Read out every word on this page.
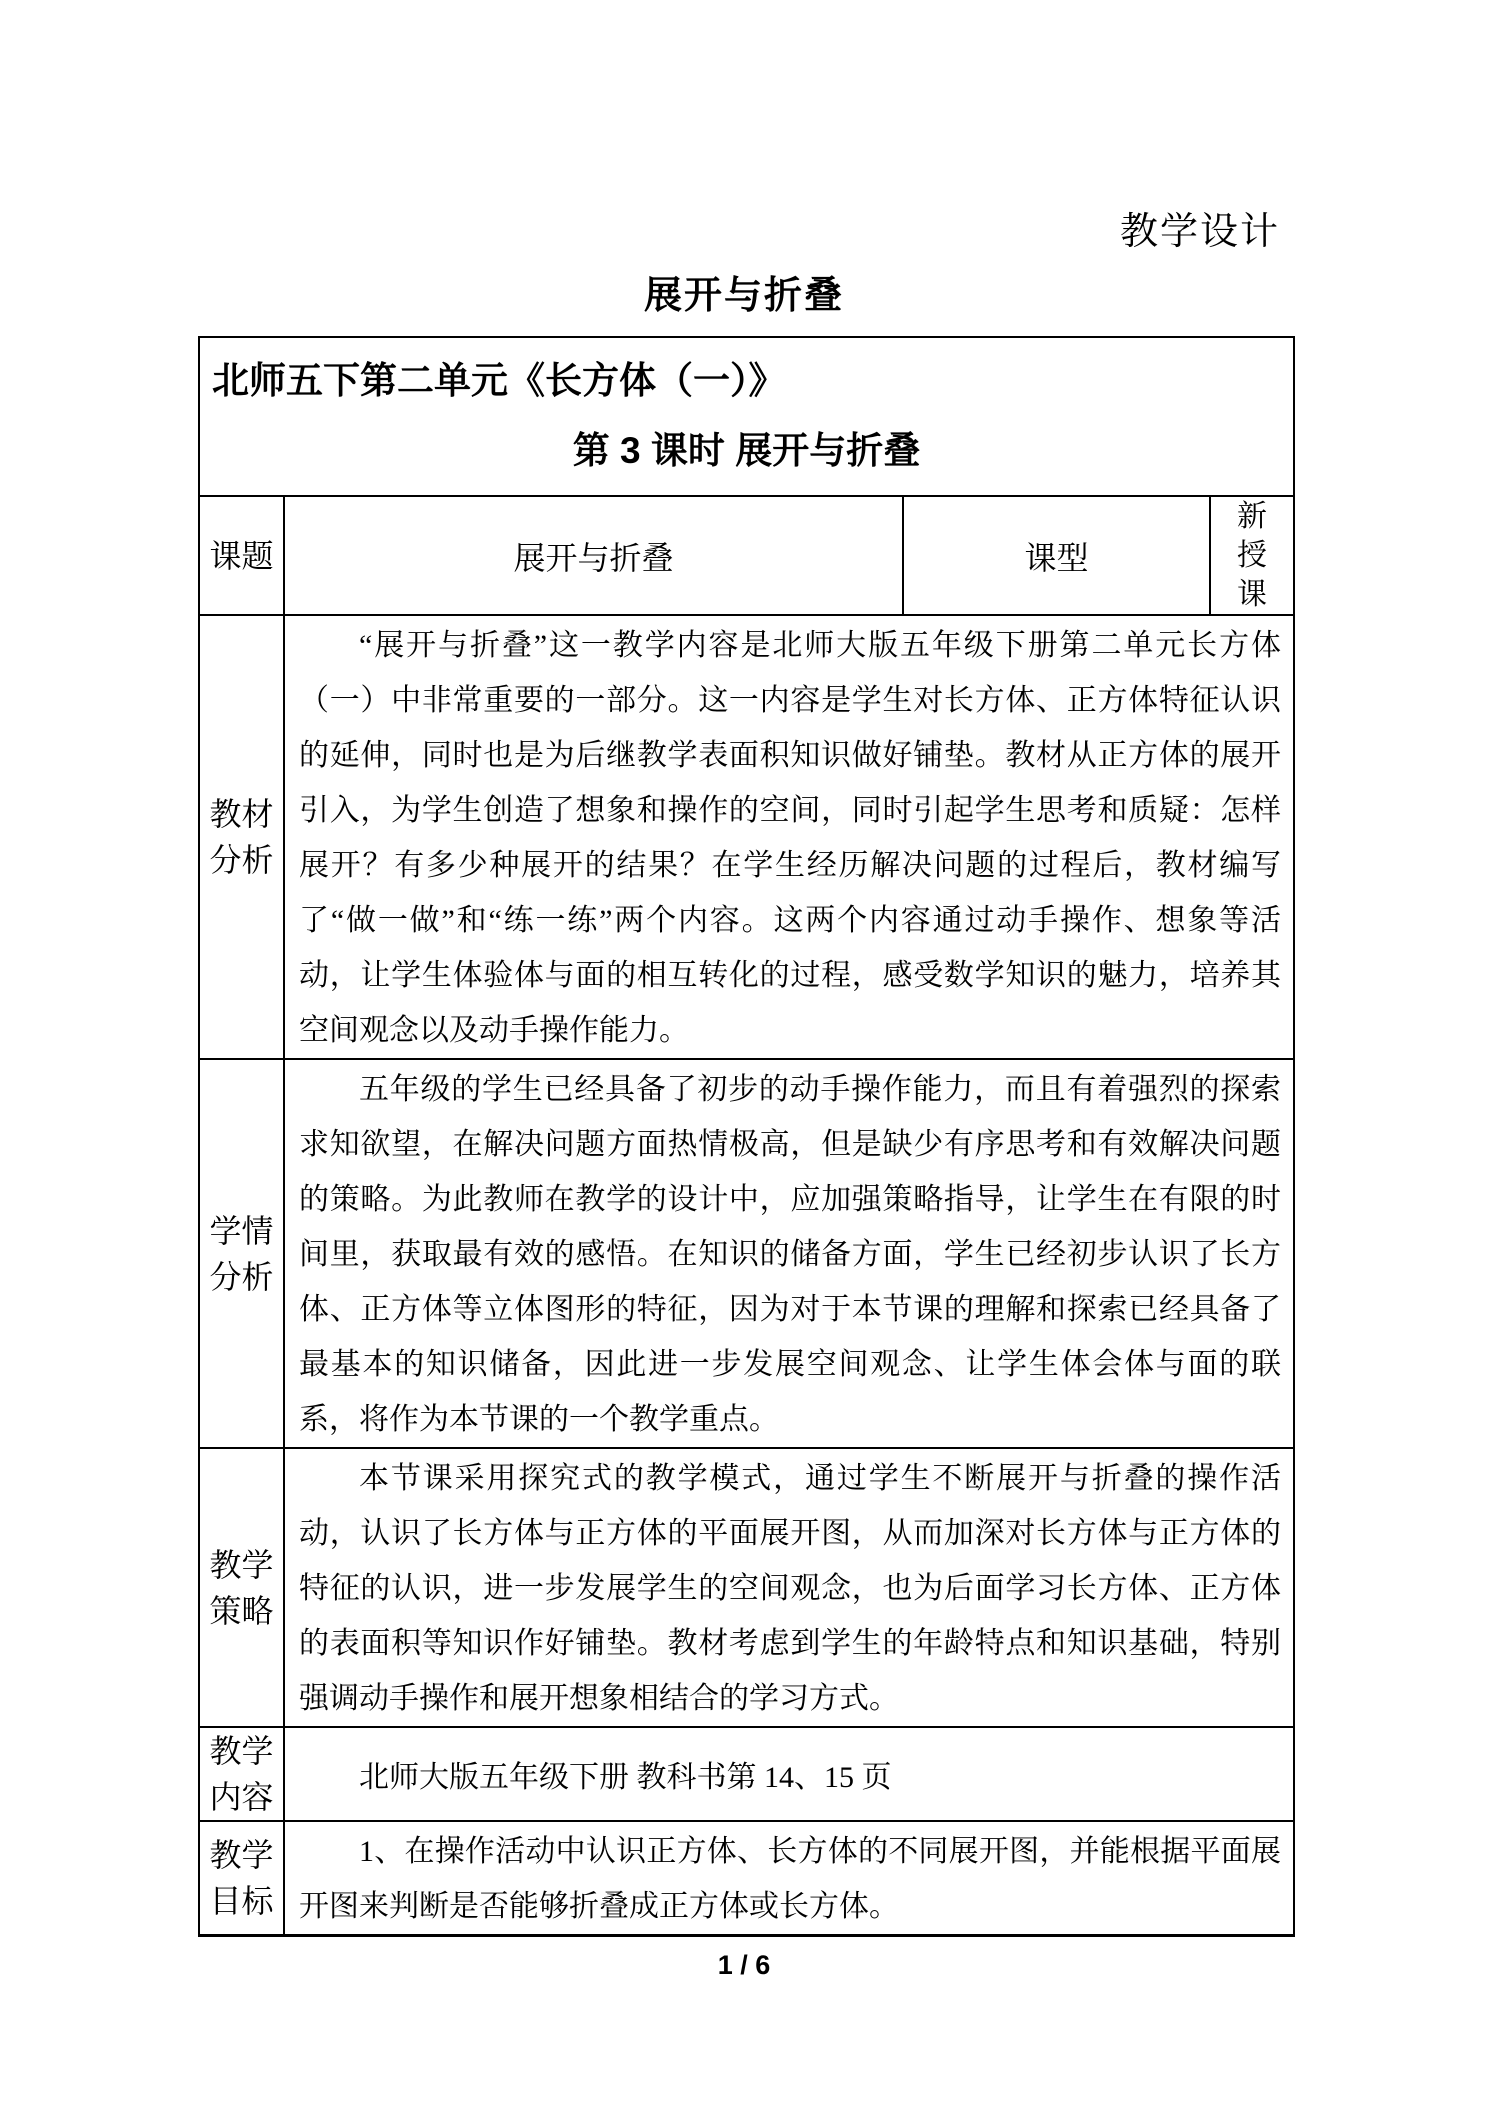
教学设计
展开与折叠
北师五下第二单元《长方体（一）》
第 3 课时 展开与折叠			

课题	展开与折叠	课型	新授课
教材分析	“展开与折叠”这一教学内容是北师大版五年级下册第二单元长方体（一）中非常重要的一部分。这一内容是学生对长方体、正方体特征认识的延伸，同时也是为后继教学表面积知识做好铺垫。教材从正方体的展开引入，为学生创造了想象和操作的空间，同时引起学生思考和质疑：怎样展开？有多少种展开的结果？在学生经历解决问题的过程后，教材编写了“做一做”和“练一练”两个内容。这两个内容通过动手操作、想象等活动，让学生体验体与面的相互转化的过程，感受数学知识的魅力，培养其空间观念以及动手操作能力。		
学情分析	五年级的学生已经具备了初步的动手操作能力，而且有着强烈的探索求知欲望，在解决问题方面热情极高，但是缺少有序思考和有效解决问题的策略。为此教师在教学的设计中，应加强策略指导，让学生在有限的时间里，获取最有效的感悟。在知识的储备方面，学生已经初步认识了长方体、正方体等立体图形的特征，因为对于本节课的理解和探索已经具备了最基本的知识储备，因此进一步发展空间观念、让学生体会体与面的联系，将作为本节课的一个教学重点。		
教学策略	本节课采用探究式的教学模式，通过学生不断展开与折叠的操作活动，认识了长方体与正方体的平面展开图，从而加深对长方体与正方体的特征的认识，进一步发展学生的空间观念，也为后面学习长方体、正方体的表面积等知识作好铺垫。教材考虑到学生的年龄特点和知识基础，特别强调动手操作和展开想象相结合的学习方式。		
教学内容	北师大版五年级下册 教科书第 14、15 页		
教学目标	1、在操作活动中认识正方体、长方体的不同展开图，并能根据平面展开图来判断是否能够折叠成正方体或长方体。		
1 / 6
